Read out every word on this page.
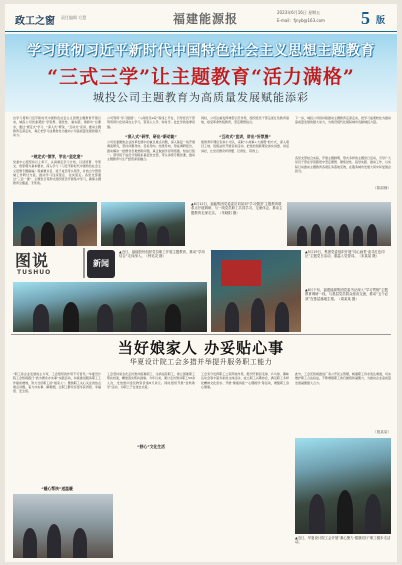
政工之窗 责任编辑 方慧	福建能源报	2023年6月16日 星期五
E-mail：fjnyb@163.com 5 版
学习贯彻习近平新时代中国特色社会主义思想主题教育
“三式三学”让主题教育“活力满格”
城投公司主题教育为高质量发展赋能添彩
自学习贯彻习近平新时代中国特色社会主义思想主题教育开展以来，城投公司党委紧扣“学思想、强党性、重实践、建新功”总要求，通过“规定式”学习、“深入式”研读、“互动式”宣讲，推动主题教育走深走实，真正把学习成果转化为推动公司高质量发展的强大动力。
“规定式”领学，学出“坚定度”
党委中心组坚持以上率下，认真制定学习计划，以读原著、学原文、悟原理为基本要求，深入学习《习近平新时代中国特色社会主义思想专题摘编》等重要书目，班子成员带头领学，并结合分管领域工作研讨交流，推动学习往深里走、往实里走。各党支部通过“三会一课”、主题党日等形式组织党员开展集中学习，确保主题教育全覆盖、无死角。
公司利用“学习强国”、“八闽党员e家”等线上平台，引导党员干部利用碎片化时间自主学习，营造人人学、时时学、处处学的浓厚氛围。
“深入式”研学，研出“新动能”
公司党委聚焦企业改革发展中的重点难点问题，深入基层一线开展调查研究，坚持问题导向、目标导向、结果导向，形成调研报告，推动解决一批群众急难愁盼问题，真正做到学思用贯通、知信行统一。领导班子成员分别联系基层党支部，带头讲授专题党课，推动主题教育与生产经营深度融合。
同时，公司注重发挥典型示范作用，组织党员干部走进红色教育基地，接受革命传统教育，坚定理想信念。
“互动式”宣讲，讲出“好氛围”
组建青年理论宣讲小分队，采取“小故事+大道理”的方式，深入项目工地、班组站所开展宣讲活动，把党的创新理论讲实讲透、讲活讲好，让党员群众听得懂、记得住、用得上。
下一步，城投公司将持续推动主题教育走深走实，把学习成果转化为推动高质量发展的强大动力，为建设现代化国际城市贡献城投力量。
各党支部结合实际，开展主题鲜明、形式多样的主题党日活动，引导广大党员干部在学思践悟中坚定理想、锤炼党性、指导实践、推动工作，以实际行动推动主题教育各项任务落地见效，在服务城市发展大局中彰显国企担当。
（陈淑楠）
▲6月12日，福能集团党委委员刘某到“学习强国”主题教育联系点开展调研，与一线党员职工共同学习、交流体会，推动主题教育走深走实。（朱晓阳 摄）
图说
TUSHUO
新闻
▲近日，福能股份组织党员职工开展主题教育，推动“学用结合”走向深入。（钟吴灵 摄）
▲5月19日，集团党委组织开展“同心画堂·追寻红色印记”主题党日活动，重温入党誓词。（宋某某 摄）
▲6月下旬，福建能源集团党委书记深入“学习贯彻”主题教育调研一线，与基层党员群众座谈交流，推动“五个必须”在基层落地生根。（周某某 摄）
当好娘家人 办妥贴心事
华夏设计院工会多措并举提升服务职工能力
“职工是企业发展的主力军，工会组织的作用不可替代。”华夏设计院工会积极践行“我为群众办实事”实践活动，持续推进服务职工工作提质增效，努力当好职工的“娘家人”。聚焦职工关心关注的热点难点问题，着力办实事、解难题，让职工群众有更多获得感、幸福感、安全感。
“暖心帮扶”送温暖
工会坚持常态化走访慰问困难职工、生病住院职工，建立困难职工帮扶档案，精准落实帮扶措施。今年以来，累计走访慰问职工50余人次，发放慰问金及物资价值8万余元。同时组织开展“金秋助学”活动，为职工子女送去关爱。
“舒心”文化生活
工会充分发挥职工之家阵地作用，组织开展羽毛球、乒乓球、趣味运动会等丰富多彩的文体活动，成立职工兴趣协会，满足职工多样化精神文化需求。开展“健康讲座”“心理疏导”等活动，增强职工身心健康。
此外，工会还积极推进厂务公开民主管理，畅通职工诉求表达渠道，切实维护职工合法权益，不断增强职工的归属感和凝聚力，为推动企业高质量发展凝聚强大合力。
（施某某）
▲近日，华夏设计院工会开展“凝心聚力·健康同行”职工健步走活动。
